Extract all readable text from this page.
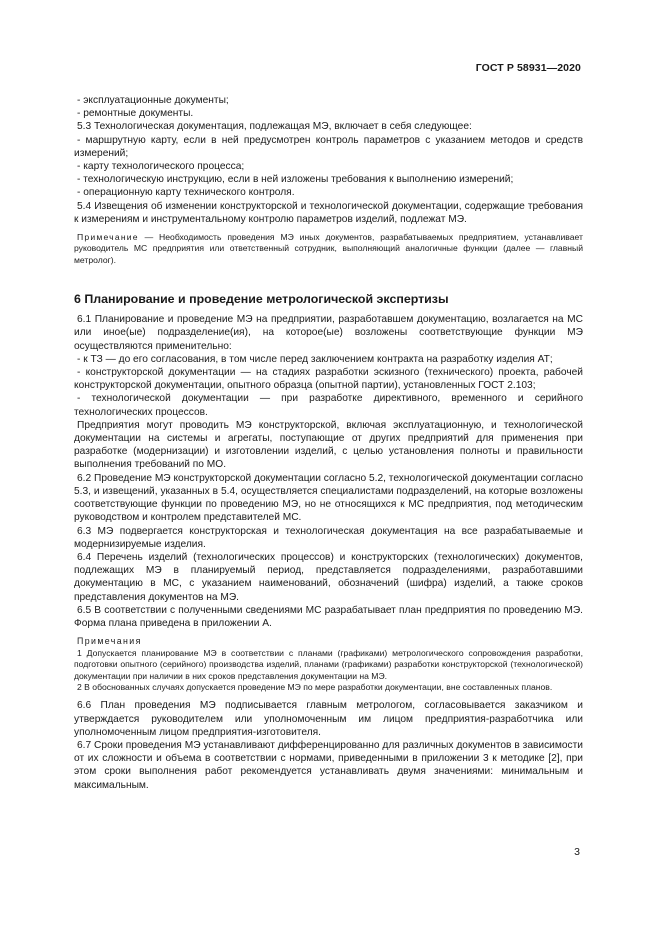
ГОСТ Р 58931—2020

- эксплуатационные документы;

- ремонтные документы.

5.3 Технологическая документация, подлежащая МЭ, включает в себя следующее:

- маршрутную карту, если в ней предусмотрен контроль параметров с указанием методов и средств измерений;

- карту технологического процесса;

- технологическую инструкцию, если в ней изложены требования к выполнению измерений;

- операционную карту технического контроля.

5.4 Извещения об изменении конструкторской и технологической документации, содержащие требования к измерениям и инструментальному контролю параметров изделий, подлежат МЭ.

Примечание — Необходимость проведения МЭ иных документов, разрабатываемых предприятием, устанавливает руководитель МС предприятия или ответственный сотрудник, выполняющий аналогичные функции (далее — главный метролог).

6 Планирование и проведение метрологической экспертизы

6.1 Планирование и проведение МЭ на предприятии, разработавшем документацию, возлагается на МС или иное(ые) подразделение(ия), на которое(ые) возложены соответствующие функции МЭ осуществляются применительно:

- к ТЗ — до его согласования, в том числе перед заключением контракта на разработку изделия АТ;

- конструкторской документации — на стадиях разработки эскизного (технического) проекта, рабочей конструкторской документации, опытного образца (опытной партии), установленных ГОСТ 2.103;

- технологической документации — при разработке директивного, временного и серийного технологических процессов.

Предприятия могут проводить МЭ конструкторской, включая эксплуатационную, и технологической документации на системы и агрегаты, поступающие от других предприятий для применения при разработке (модернизации) и изготовлении изделий, с целью установления полноты и правильности выполнения требований по МО.

6.2 Проведение МЭ конструкторской документации согласно 5.2, технологической документации согласно 5.3, и извещений, указанных в 5.4, осуществляется специалистами подразделений, на которые возложены соответствующие функции по проведению МЭ, но не относящихся к МС предприятия, под методическим руководством и контролем представителей МС.

6.3 МЭ подвергается конструкторская и технологическая документация на все разрабатываемые и модернизируемые изделия.

6.4 Перечень изделий (технологических процессов) и конструкторских (технологических) документов, подлежащих МЭ в планируемый период, представляется подразделениями, разработавшими документацию в МС, с указанием наименований, обозначений (шифра) изделий, а также сроков представления документов на МЭ.

6.5 В соответствии с полученными сведениями МС разрабатывает план предприятия по проведению МЭ. Форма плана приведена в приложении А.

Примечания

1 Допускается планирование МЭ в соответствии с планами (графиками) метрологического сопровождения разработки, подготовки опытного (серийного) производства изделий, планами (графиками) разработки конструкторской (технологической) документации при наличии в них сроков представления документации на МЭ.

2 В обоснованных случаях допускается проведение МЭ по мере разработки документации, вне составленных планов.

6.6 План проведения МЭ подписывается главным метрологом, согласовывается заказчиком и утверждается руководителем или уполномоченным им лицом предприятия-разработчика или уполномоченным лицом предприятия-изготовителя.

6.7 Сроки проведения МЭ устанавливают дифференцированно для различных документов в зависимости от их сложности и объема в соответствии с нормами, приведенными в приложении 3 к методике [2], при этом сроки выполнения работ рекомендуется устанавливать двумя значениями: минимальным и максимальным.

3
